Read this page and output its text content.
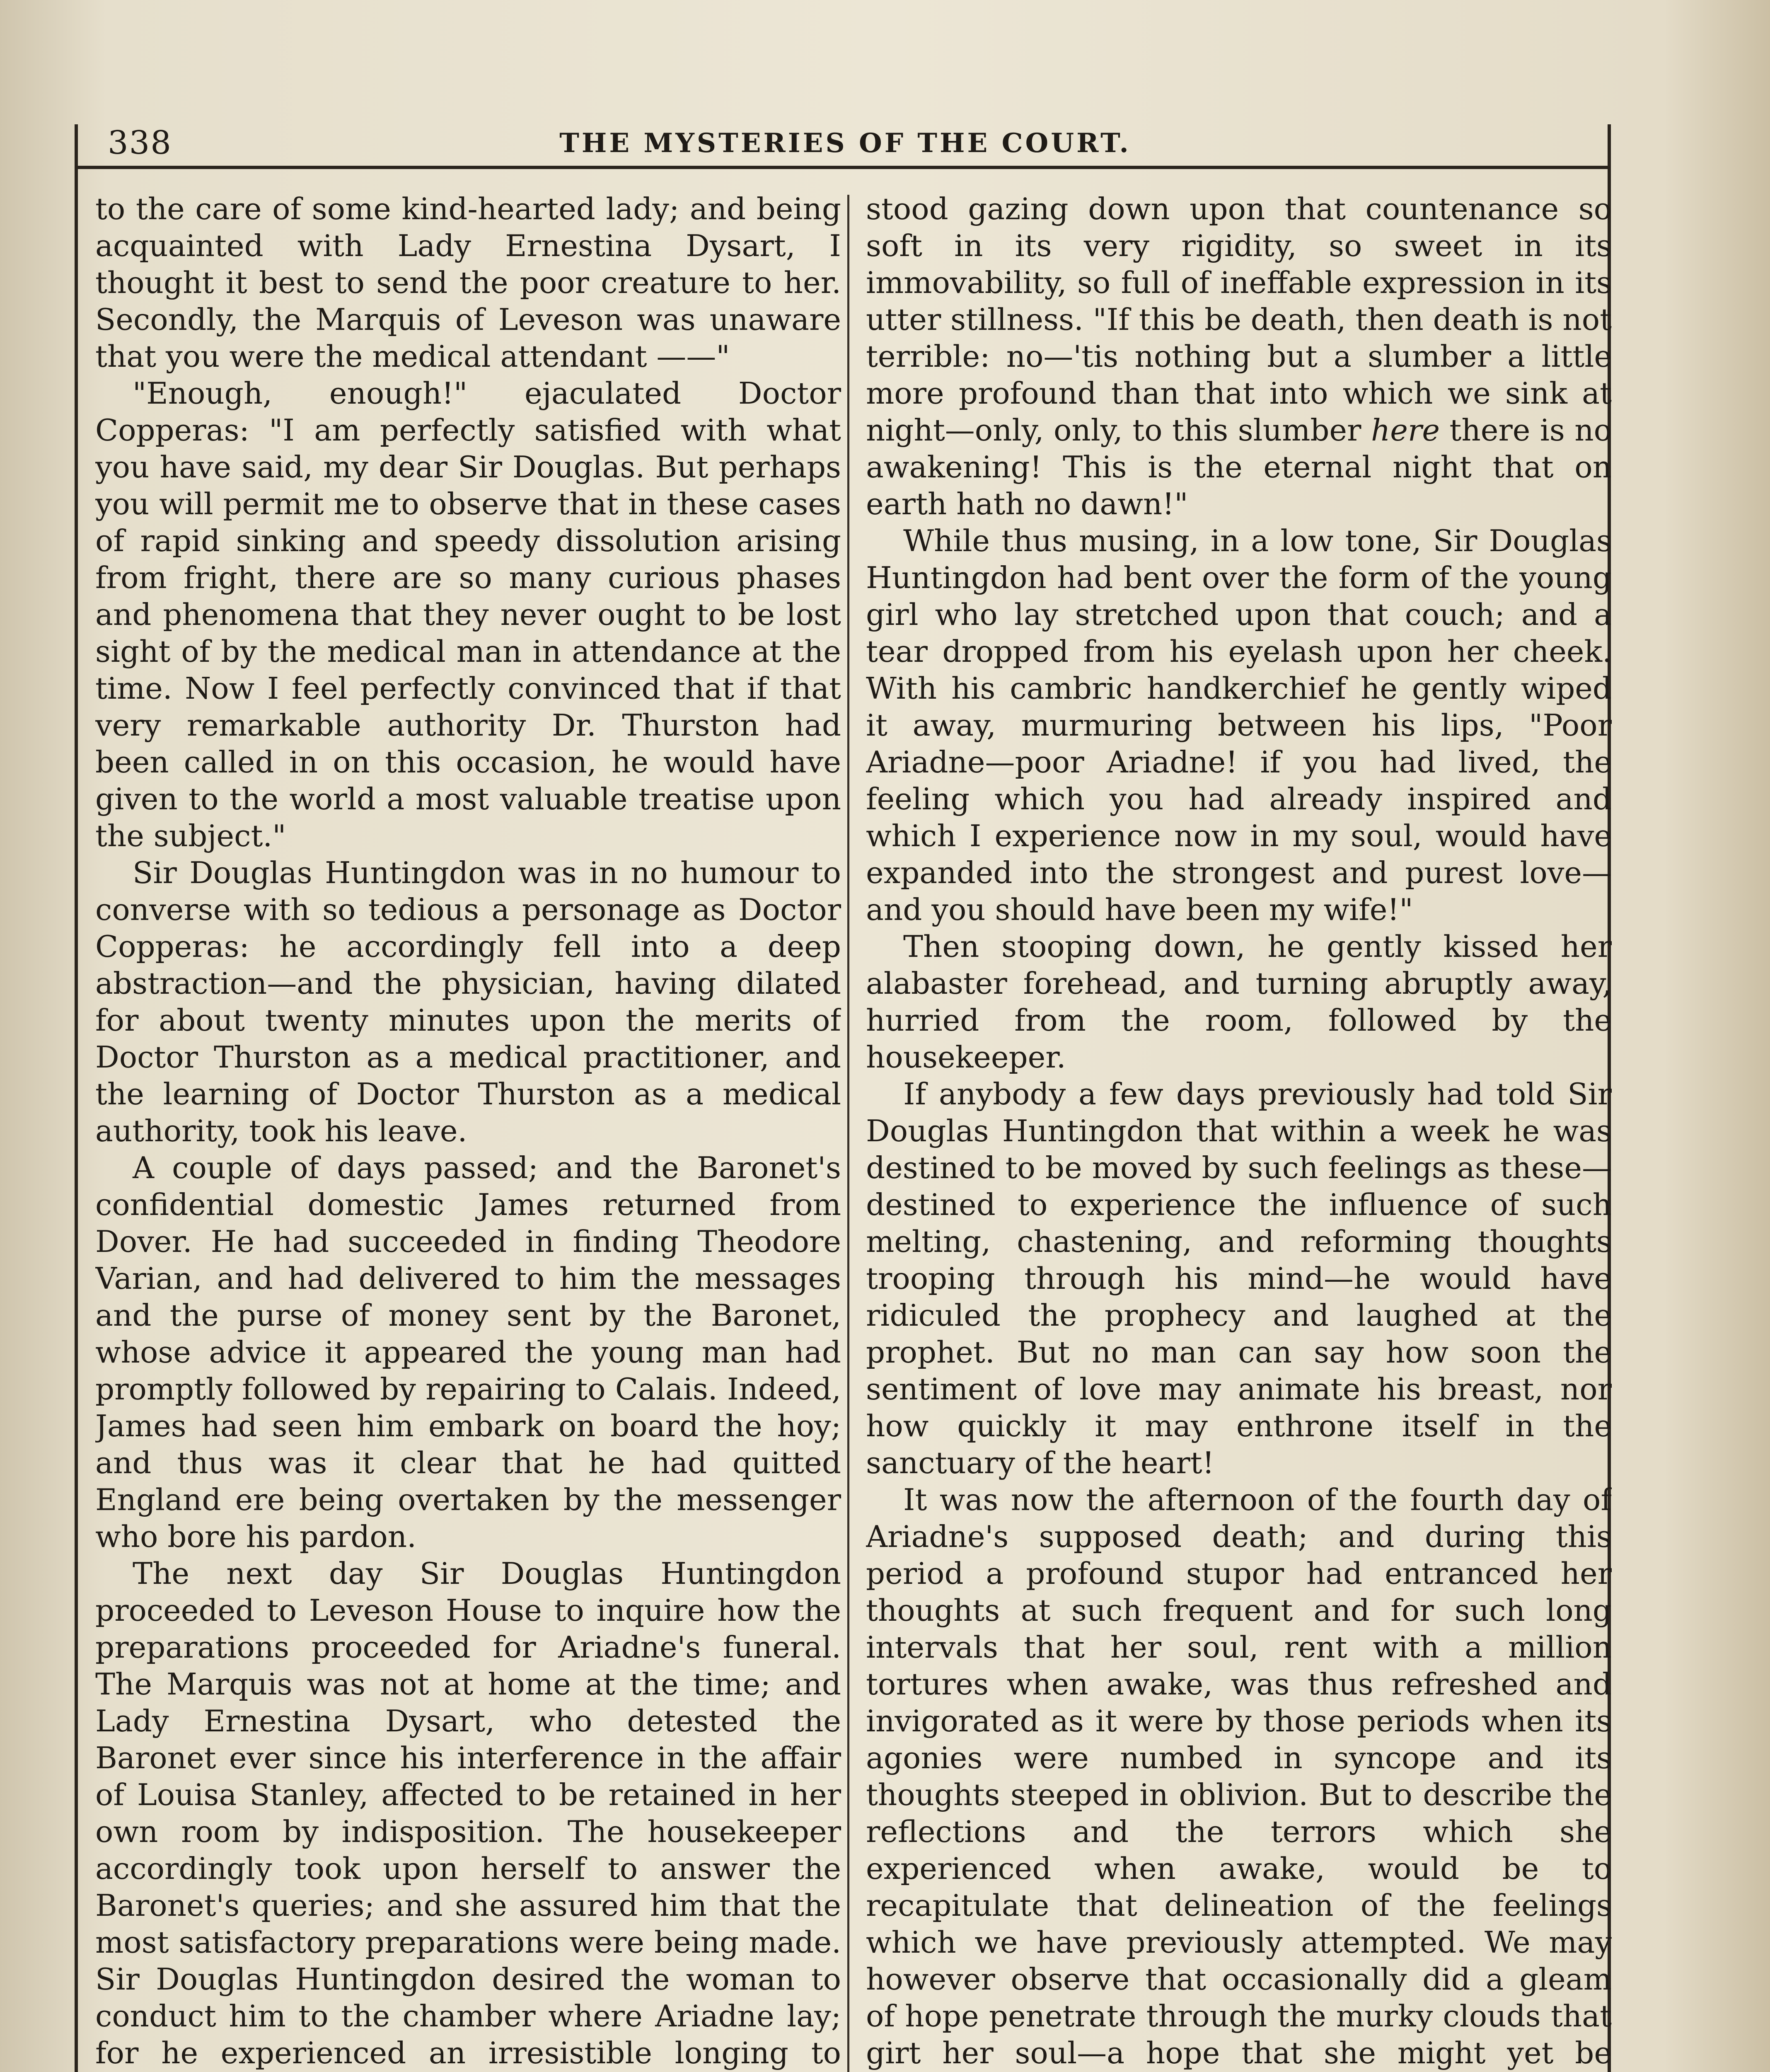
338	THE MYSTERIES OF THE COURT.

to the care of some kind-hearted lady; and being acquainted with Lady Ernestina Dysart, I thought it best to send the poor creature to her. Secondly, the Marquis of Leveson was unaware that you were the medical attendant ——"

"Enough, enough!" ejaculated Doctor Copperas: "I am perfectly satisfied with what you have said, my dear Sir Douglas. But perhaps you will permit me to observe that in these cases of rapid sinking and speedy dissolution arising from fright, there are so many curious phases and phenomena that they never ought to be lost sight of by the medical man in attendance at the time. Now I feel perfectly convinced that if that very remarkable authority Dr. Thurston had been called in on this occasion, he would have given to the world a most valuable treatise upon the subject."

Sir Douglas Huntingdon was in no humour to converse with so tedious a personage as Doctor Copperas: he accordingly fell into a deep abstraction—and the physician, having dilated for about twenty minutes upon the merits of Doctor Thurston as a medical practitioner, and the learning of Doctor Thurston as a medical authority, took his leave.

A couple of days passed; and the Baronet's confidential domestic James returned from Dover. He had succeeded in finding Theodore Varian, and had delivered to him the messages and the purse of money sent by the Baronet, whose advice it appeared the young man had promptly followed by repairing to Calais. Indeed, James had seen him embark on board the hoy; and thus was it clear that he had quitted England ere being overtaken by the messenger who bore his pardon.

The next day Sir Douglas Huntingdon proceeded to Leveson House to inquire how the preparations proceeded for Ariadne's funeral. The Marquis was not at home at the time; and Lady Ernestina Dysart, who detested the Baronet ever since his interference in the affair of Louisa Stanley, affected to be retained in her own room by indisposition. The housekeeper accordingly took upon herself to answer the Baronet's queries; and she assured him that the most satisfactory preparations were being made. Sir Douglas Huntingdon desired the woman to conduct him to the chamber where Ariadne lay; for he experienced an irresistible longing to

stood gazing down upon that countenance so soft in its very rigidity, so sweet in its immovability, so full of ineffable expression in its utter stillness. "If this be death, then death is not terrible: no—'tis nothing but a slumber a little more profound than that into which we sink at night—only, only, to this slumber here there is no awakening! This is the eternal night that on earth hath no dawn!"

While thus musing, in a low tone, Sir Douglas Huntingdon had bent over the form of the young girl who lay stretched upon that couch; and a tear dropped from his eyelash upon her cheek. With his cambric handkerchief he gently wiped it away, murmuring between his lips, "Poor Ariadne—poor Ariadne! if you had lived, the feeling which you had already inspired and which I experience now in my soul, would have expanded into the strongest and purest love—and you should have been my wife!"

Then stooping down, he gently kissed her alabaster forehead, and turning abruptly away, hurried from the room, followed by the housekeeper.

If anybody a few days previously had told Sir Douglas Huntingdon that within a week he was destined to be moved by such feelings as these—destined to experience the influence of such melting, chastening, and reforming thoughts trooping through his mind—he would have ridiculed the prophecy and laughed at the prophet. But no man can say how soon the sentiment of love may animate his breast, nor how quickly it may enthrone itself in the sanctuary of the heart!

It was now the afternoon of the fourth day of Ariadne's supposed death; and during this period a profound stupor had entranced her thoughts at such frequent and for such long intervals that her soul, rent with a million tortures when awake, was thus refreshed and invigorated as it were by those periods when its agonies were numbed in syncope and its thoughts steeped in oblivion. But to describe the reflections and the terrors which she experienced when awake, would be to recapitulate that delineation of the feelings which we have previously attempted. We may however observe that occasionally did a gleam of hope penetrate through the murky clouds that girt her soul—a hope that she might yet be
